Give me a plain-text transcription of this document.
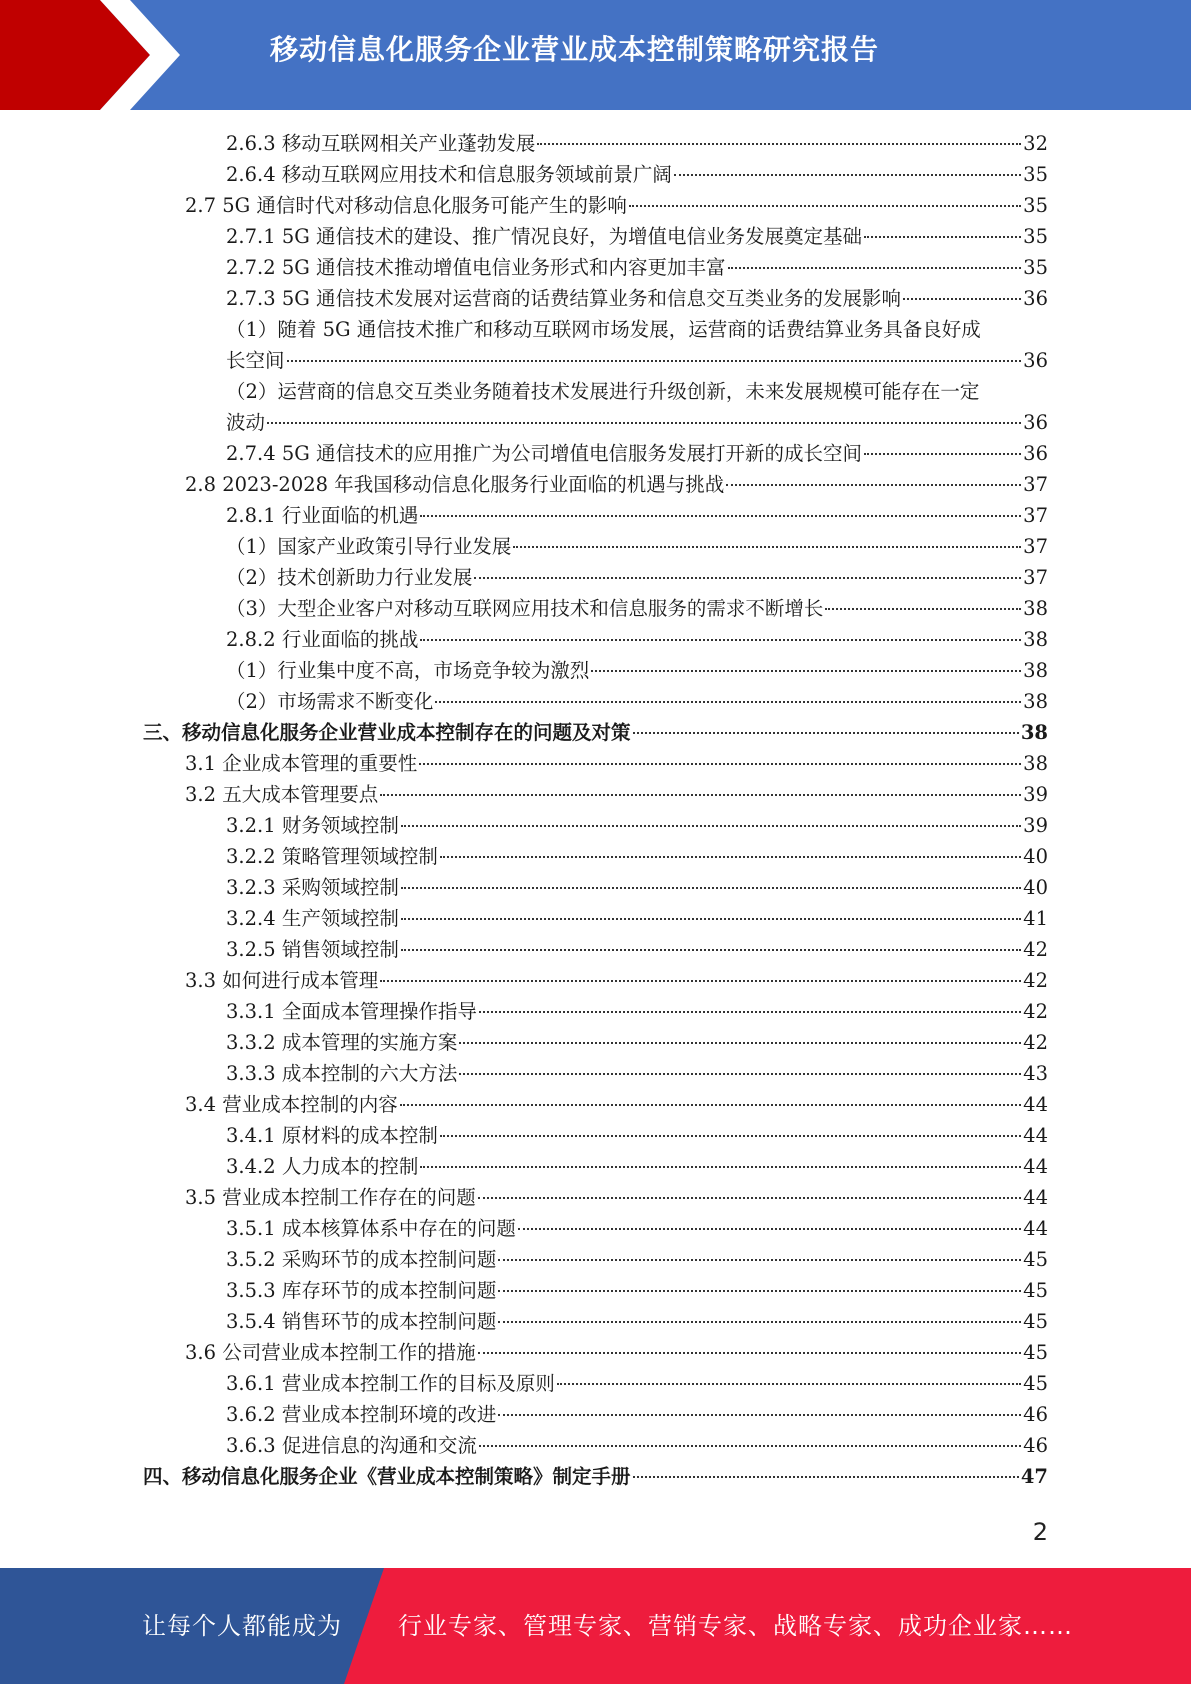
移动信息化服务企业营业成本控制策略研究报告
2.6.3 移动互联网相关产业蓬勃发展	32
2.6.4 移动互联网应用技术和信息服务领域前景广阔	35
2.7 5G 通信时代对移动信息化服务可能产生的影响	35
2.7.1 5G 通信技术的建设、推广情况良好，为增值电信业务发展奠定基础	35
2.7.2 5G 通信技术推动增值电信业务形式和内容更加丰富	35
2.7.3 5G 通信技术发展对运营商的话费结算业务和信息交互类业务的发展影响	36
（1）随着 5G 通信技术推广和移动互联网市场发展，运营商的话费结算业务具备良好成
长空间	36
（2）运营商的信息交互类业务随着技术发展进行升级创新，未来发展规模可能存在一定
波动	36
2.7.4 5G 通信技术的应用推广为公司增值电信服务发展打开新的成长空间	36
2.8 2023-2028 年我国移动信息化服务行业面临的机遇与挑战	37
2.8.1 行业面临的机遇	37
（1）国家产业政策引导行业发展	37
（2）技术创新助力行业发展	37
（3）大型企业客户对移动互联网应用技术和信息服务的需求不断增长	38
2.8.2 行业面临的挑战	38
（1）行业集中度不高，市场竞争较为激烈	38
（2）市场需求不断变化	38
三、移动信息化服务企业营业成本控制存在的问题及对策	38
3.1 企业成本管理的重要性	38
3.2 五大成本管理要点	39
3.2.1 财务领域控制	39
3.2.2 策略管理领域控制	40
3.2.3 采购领域控制	40
3.2.4 生产领域控制	41
3.2.5 销售领域控制	42
3.3 如何进行成本管理	42
3.3.1 全面成本管理操作指导	42
3.3.2 成本管理的实施方案	42
3.3.3 成本控制的六大方法	43
3.4 营业成本控制的内容	44
3.4.1 原材料的成本控制	44
3.4.2 人力成本的控制	44
3.5 营业成本控制工作存在的问题	44
3.5.1 成本核算体系中存在的问题	44
3.5.2 采购环节的成本控制问题	45
3.5.3 库存环节的成本控制问题	45
3.5.4 销售环节的成本控制问题	45
3.6 公司营业成本控制工作的措施	45
3.6.1 营业成本控制工作的目标及原则	45
3.6.2 营业成本控制环境的改进	46
3.6.3 促进信息的沟通和交流	46
四、移动信息化服务企业《营业成本控制策略》制定手册	47
2
让每个人都能成为 行业专家、管理专家、营销专家、战略专家、成功企业家……
